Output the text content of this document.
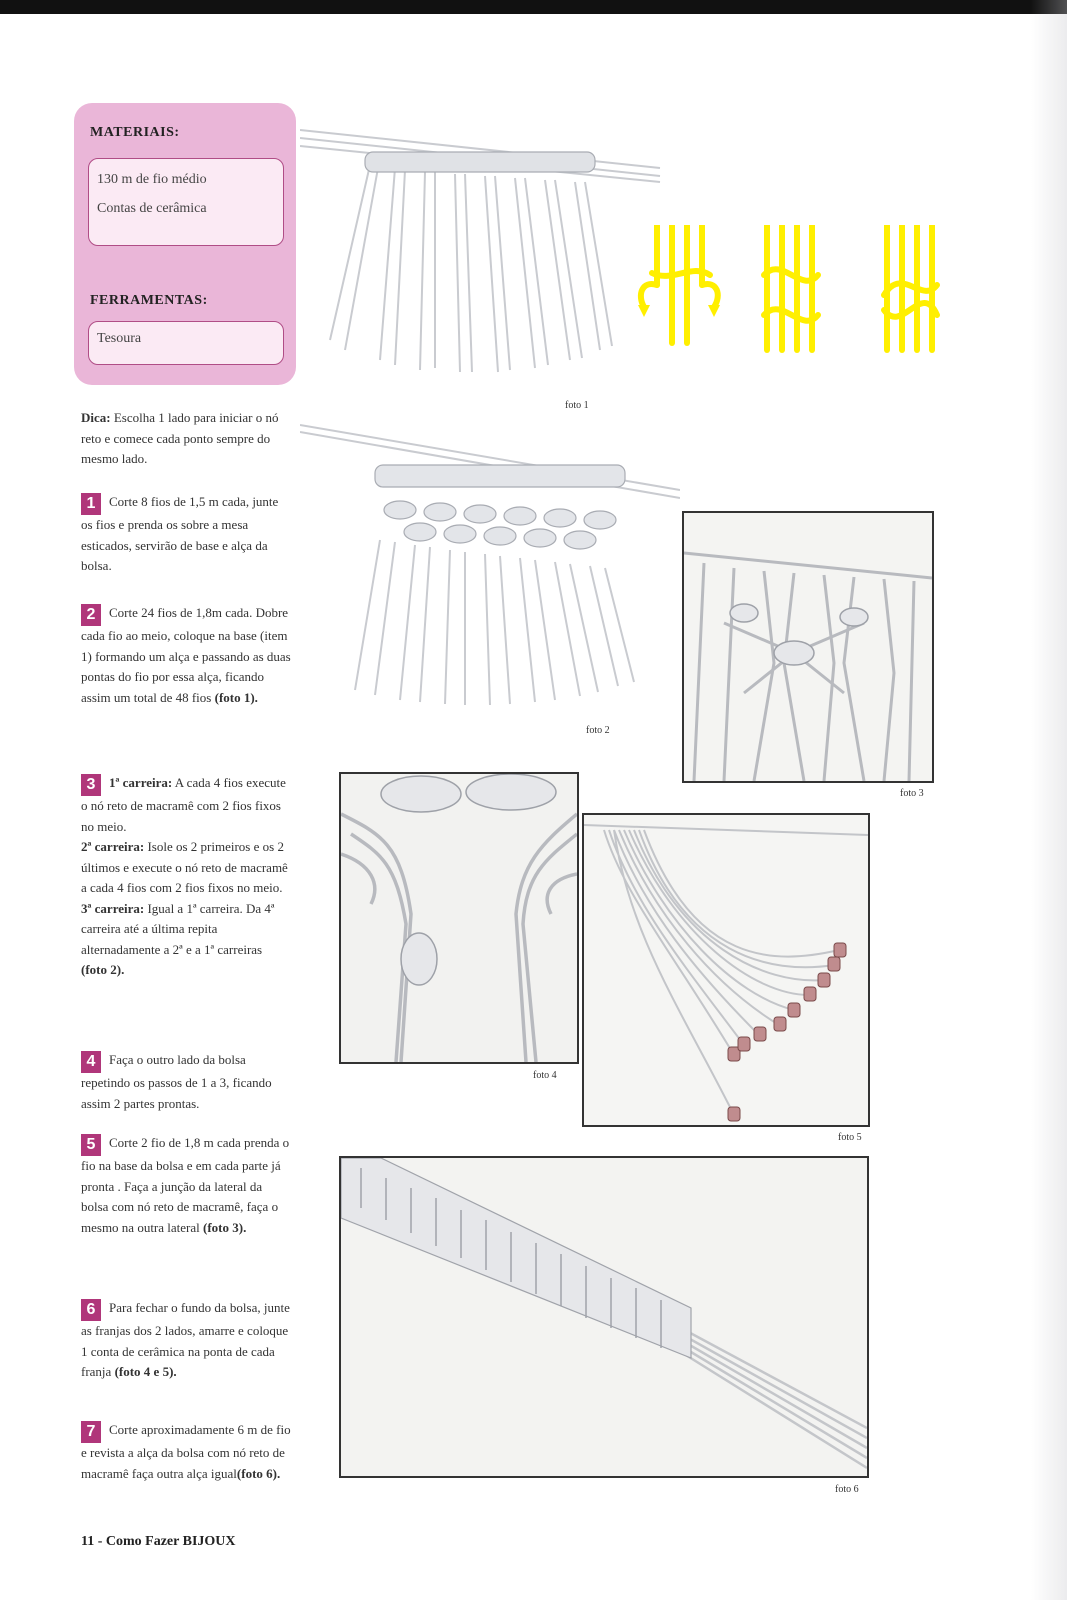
MATERIAIS:
130 m de fio médio
Contas de cerâmica
FERRAMENTAS:
Tesoura
Dica: Escolha 1 lado para iniciar o nó reto e comece cada ponto sempre do mesmo lado.
1 Corte 8 fios de 1,5 m cada, junte os fios e prenda os sobre a mesa esticados, servirão de base e alça da bolsa.
2 Corte 24 fios de 1,8m cada. Dobre cada fio ao meio, coloque na base (item 1) formando um alça e passando as duas pontas do fio por essa alça, ficando assim um total de 48 fios (foto 1).
3 1ª carreira: A cada 4 fios execute o nó reto de macramê com 2 fios fixos no meio.
2ª carreira: Isole os 2 primeiros e os 2 últimos e execute o nó reto de macramê a cada 4 fios com 2 fios fixos no meio.
3ª carreira: Igual a 1ª carreira. Da 4ª carreira até a última repita alternadamente a 2ª e a 1ª carreiras (foto 2).
4 Faça o outro lado da bolsa repetindo os passos de 1 a 3, ficando assim 2 partes prontas.
5 Corte 2 fio de 1,8 m cada prenda o fio na base da bolsa e em cada parte já pronta . Faça a junção da lateral da bolsa com nó reto de macramê, faça o mesmo na outra lateral (foto 3).
6 Para fechar o fundo da bolsa, junte as franjas dos 2 lados, amarre e coloque 1 conta de cerâmica na ponta de cada franja (foto 4 e 5).
7 Corte aproximadamente 6 m de fio e revista a alça da bolsa com nó reto de macramê faça outra alça igual(foto 6).
11 - Como Fazer BIJOUX
foto 1
foto 2
foto 3
foto 4
foto 5
foto 6
